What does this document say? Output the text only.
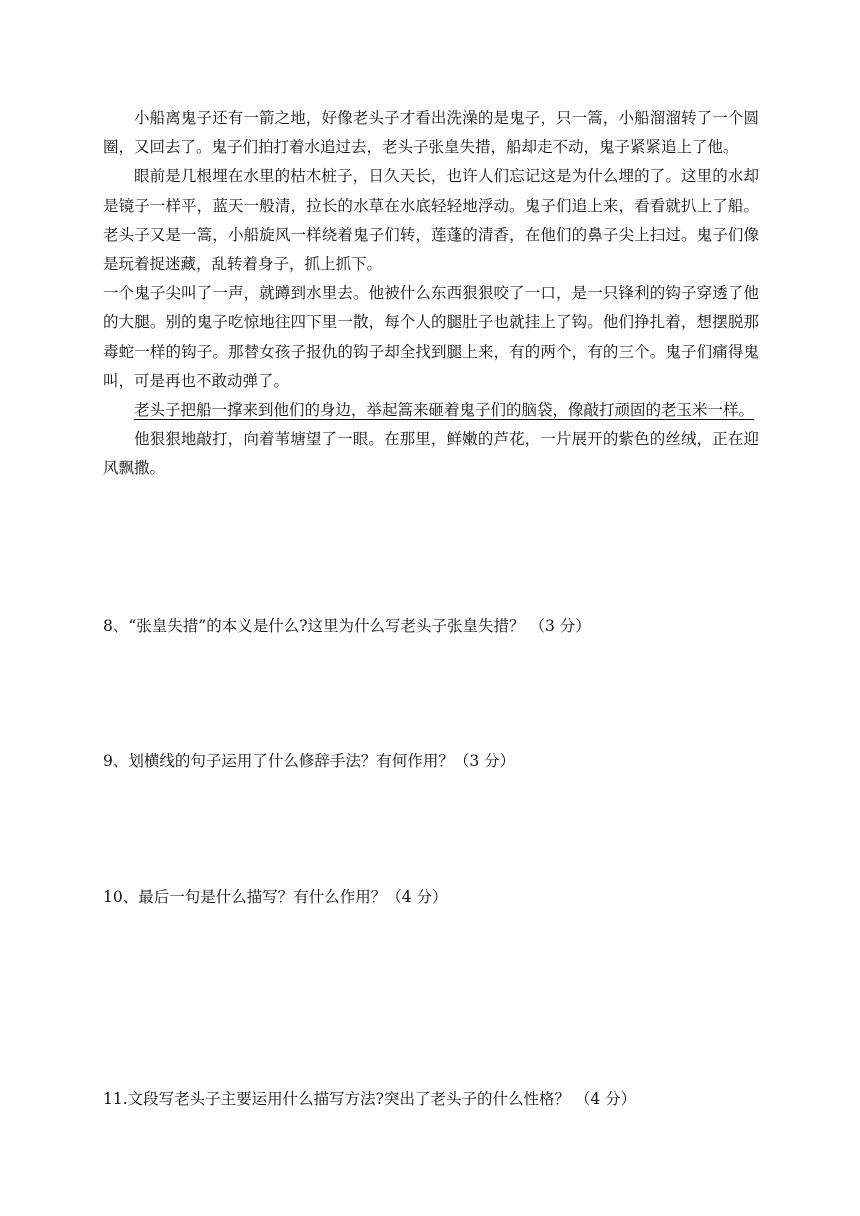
小船离鬼子还有一箭之地，好像老头子才看出洗澡的是鬼子，只一篙，小船溜溜转了一个圆圈，又回去了。鬼子们拍打着水追过去，老头子张皇失措，船却走不动，鬼子紧紧追上了他。

眼前是几根埋在水里的枯木桩子，日久天长，也许人们忘记这是为什么埋的了。这里的水却是镜子一样平，蓝天一般清，拉长的水草在水底轻轻地浮动。鬼子们追上来，看看就扒上了船。老头子又是一篙，小船旋风一样绕着鬼子们转，莲蓬的清香，在他们的鼻子尖上扫过。鬼子们像是玩着捉迷藏，乱转着身子，抓上抓下。

一个鬼子尖叫了一声，就蹲到水里去。他被什么东西狠狠咬了一口，是一只锋利的钩子穿透了他的大腿。别的鬼子吃惊地往四下里一散，每个人的腿肚子也就挂上了钩。他们挣扎着，想摆脱那毒蛇一样的钩子。那替女孩子报仇的钩子却全找到腿上来，有的两个，有的三个。鬼子们痛得鬼叫，可是再也不敢动弹了。

老头子把船一撑来到他们的身边，举起篙来砸着鬼子们的脑袋，像敲打顽固的老玉米一样。

他狠狠地敲打，向着苇塘望了一眼。在那里，鲜嫩的芦花，一片展开的紫色的丝绒，正在迎风飘撒。

8、“张皇失措”的本义是什么?这里为什么写老头子张皇失措？ （3 分）

9、划横线的句子运用了什么修辞手法？有何作用？（3 分）

10、最后一句是什么描写？有什么作用？（4 分）

11.文段写老头子主要运用什么描写方法?突出了老头子的什么性格？ （4 分）
